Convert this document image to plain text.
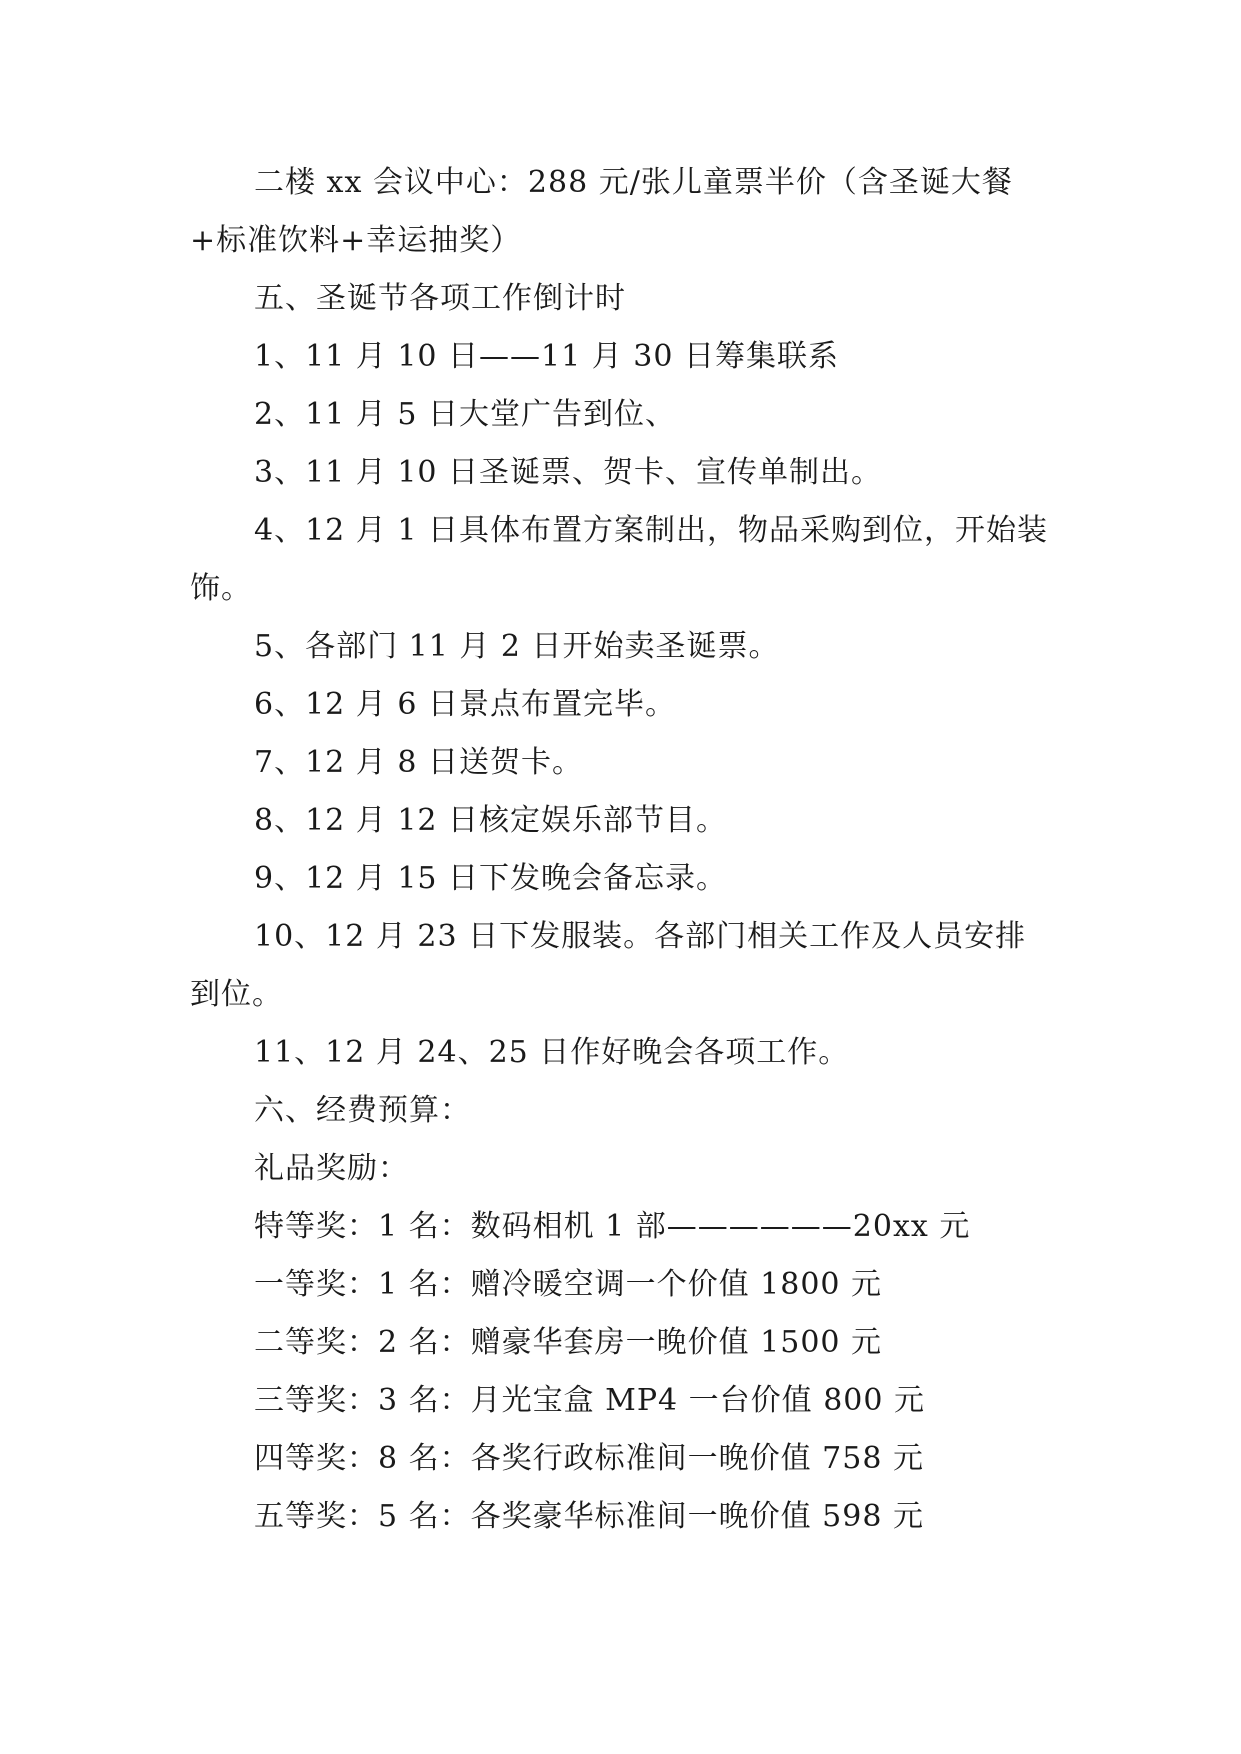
二楼 xx 会议中心：288 元/张儿童票半价（含圣诞大餐+标准饮料+幸运抽奖）

五、圣诞节各项工作倒计时

1、11 月 10 日——11 月 30 日筹集联系

2、11 月 5 日大堂广告到位、

3、11 月 10 日圣诞票、贺卡、宣传单制出。

4、12 月 1 日具体布置方案制出，物品采购到位，开始装饰。

5、各部门 11 月 2 日开始卖圣诞票。

6、12 月 6 日景点布置完毕。

7、12 月 8 日送贺卡。

8、12 月 12 日核定娱乐部节目。

9、12 月 15 日下发晚会备忘录。

10、12 月 23 日下发服装。各部门相关工作及人员安排到位。

11、12 月 24、25 日作好晚会各项工作。

六、经费预算：

礼品奖励：

特等奖：1 名：数码相机 1 部——————20xx 元

一等奖：1 名：赠冷暖空调一个价值 1800 元

二等奖：2 名：赠豪华套房一晚价值 1500 元

三等奖：3 名：月光宝盒 MP4 一台价值 800 元

四等奖：8 名：各奖行政标准间一晚价值 758 元

五等奖：5 名：各奖豪华标准间一晚价值 598 元
